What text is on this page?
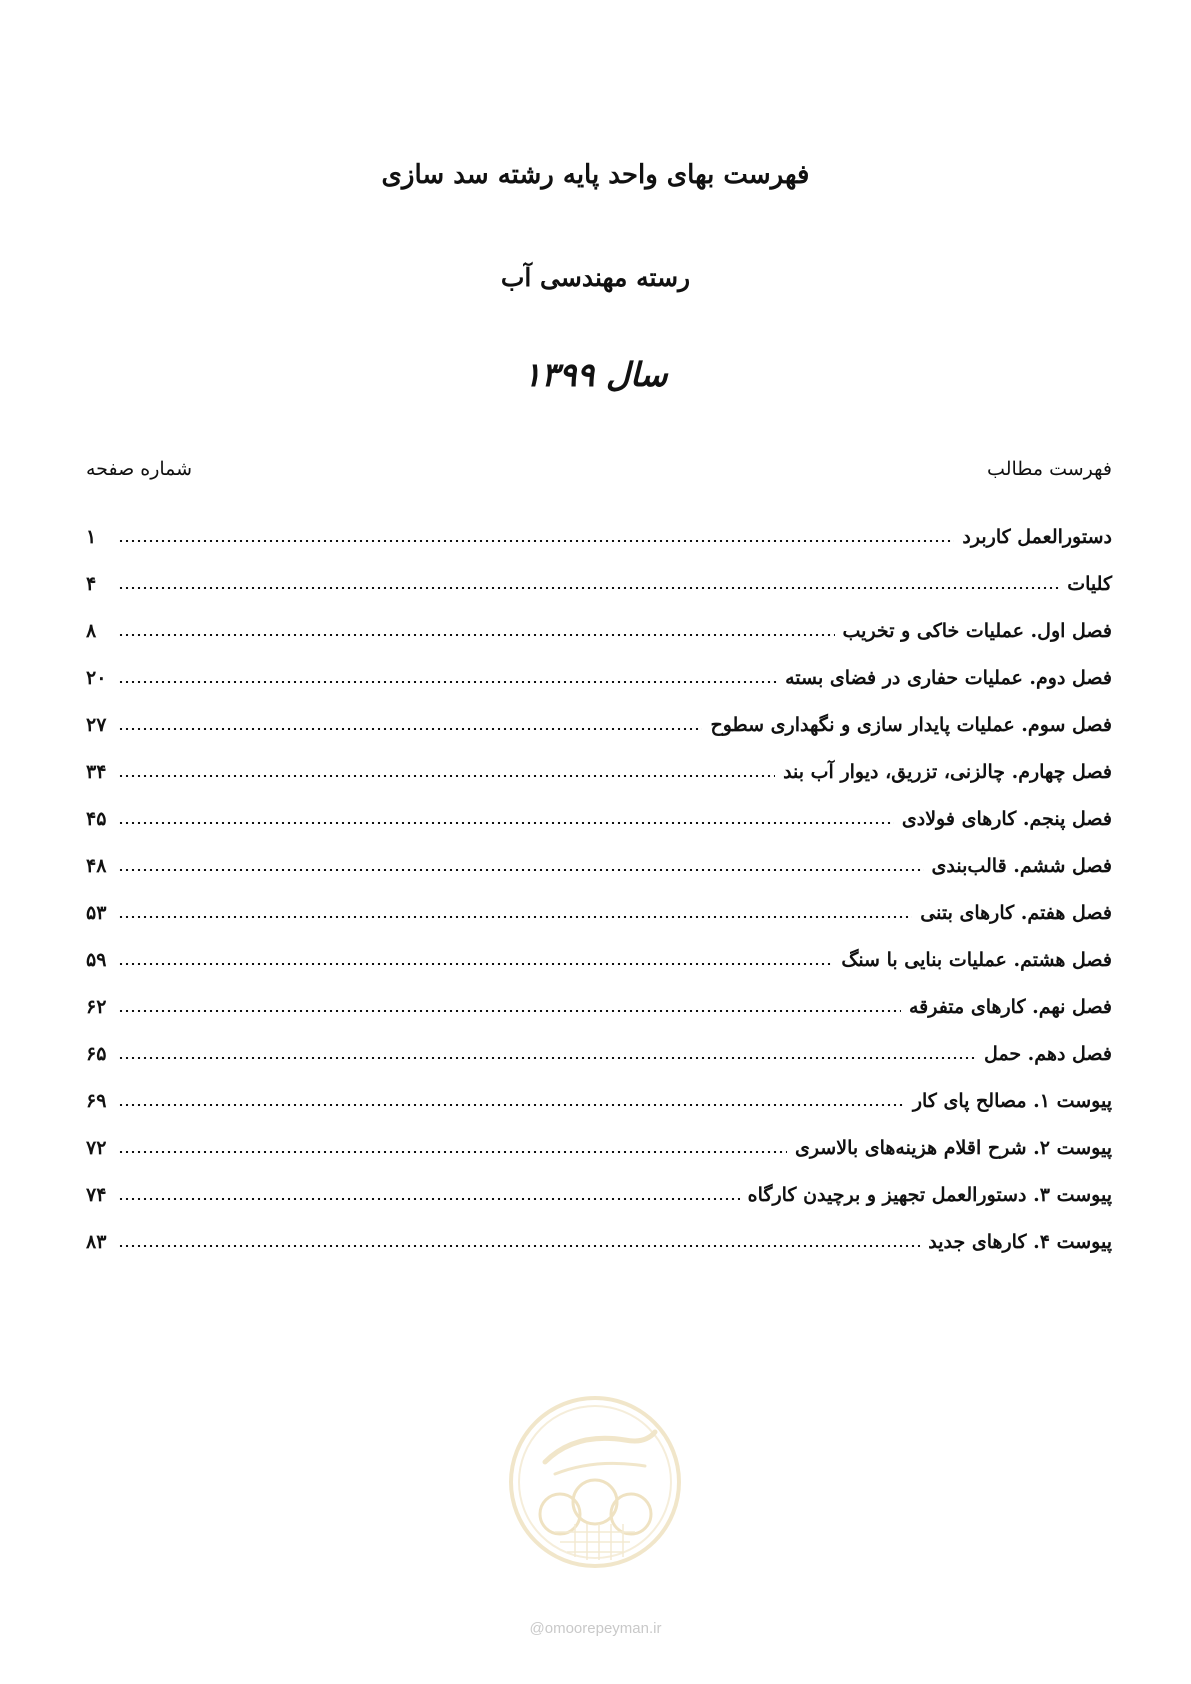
فهرست بهای واحد پایه رشته سد سازی
رسته مهندسی آب
سال ۱۳۹۹
فهرست مطالب
شماره صفحه
دستورالعمل کاربرد
۱
کلیات
۴
فصل اول. عملیات خاکی و تخریب
۸
فصل دوم. عملیات حفاری در فضای بسته
۲۰
فصل سوم. عملیات پایدار سازی و نگهداری سطوح
۲۷
فصل چهارم. چالزنی، تزریق، دیوار آب بند
۳۴
فصل پنجم. کارهای فولادی
۴۵
فصل ششم. قالب‌بندی
۴۸
فصل هفتم. کارهای بتنی
۵۳
فصل هشتم. عملیات بنایی با سنگ
۵۹
فصل نهم. کارهای متفرقه
۶۲
فصل دهم. حمل
۶۵
پیوست ۱. مصالح پای کار
۶۹
پیوست ۲. شرح اقلام هزینه‌های بالاسری
۷۲
پیوست ۳. دستورالعمل تجهیز و برچیدن کارگاه
۷۴
پیوست ۴. کارهای جدید
۸۳
@omoorepeyman.ir
